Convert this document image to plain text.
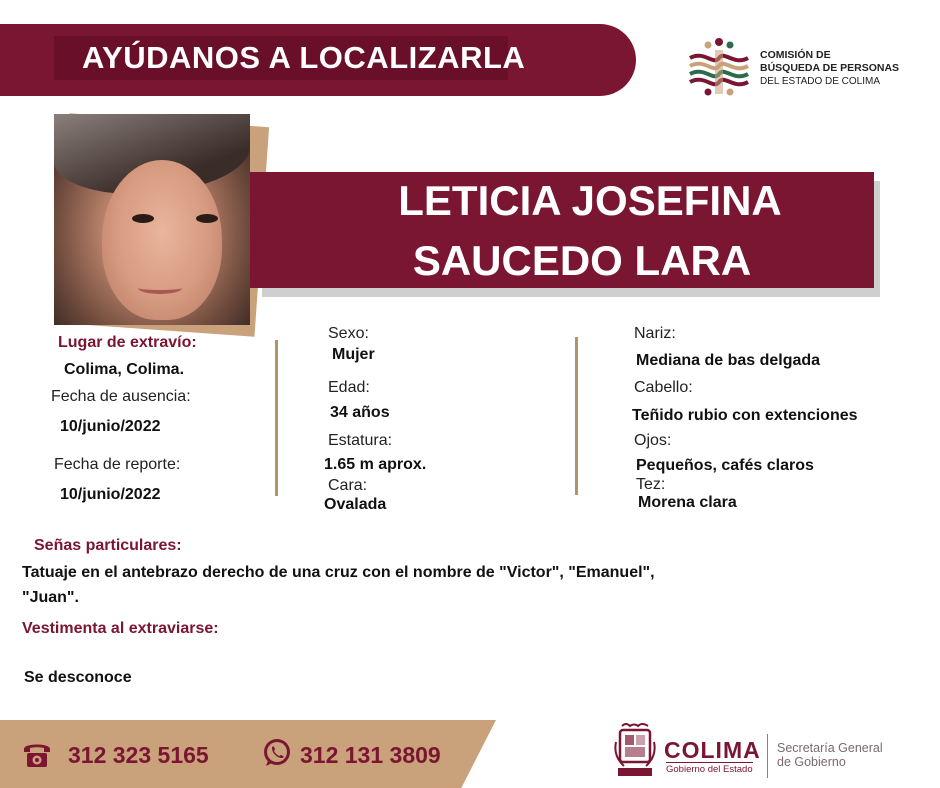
AYÚDANOS A LOCALIZARLA	COMISIÓN DE
BÚSQUEDA DE PERSONAS
DEL ESTADO DE COLIMA
LETICIA JOSEFINA
SAUCEDO LARA
Lugar de extravío:
Colima, Colima.
Fecha de ausencia:
10/junio/2022
Fecha de reporte:
10/junio/2022
Sexo:
Mujer
Edad:
34 años
Estatura:
1.65 m aprox.
Cara:
Ovalada
Nariz:
Mediana de bas delgada
Cabello:
Teñido rubio con extenciones
Ojos:
Pequeños, cafés claros
Tez:
Morena clara
Señas particulares:
Tatuaje en el antebrazo derecho de una cruz con el nombre de "Victor", "Emanuel",
"Juan".
Vestimenta al extraviarse:
Se desconoce
312 323 5165	312 131 3809	COLIMA
Gobierno del Estado
Secretaría General
de Gobierno
